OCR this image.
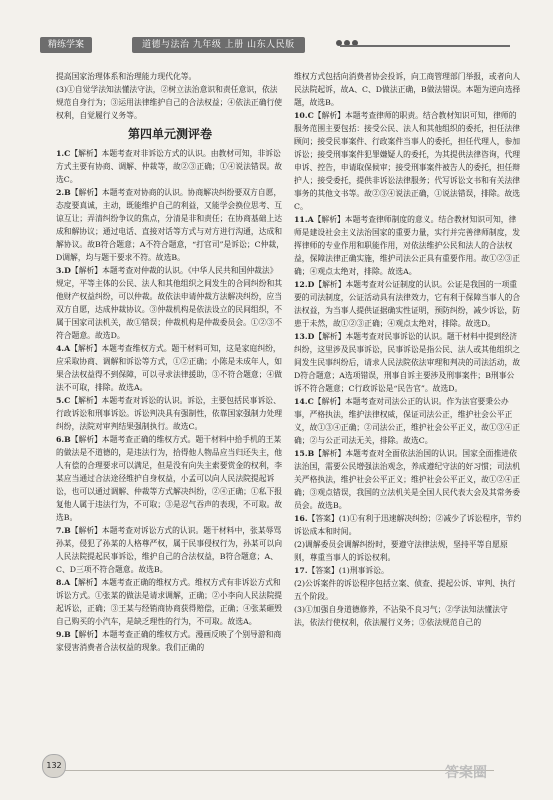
精练学案	道德与法治 九年级 上册 山东人民版

提高国家治理体系和治理能力现代化等。

(3)①自觉学法知法懂法守法，②树立法治意识和责任意识，依法规范自身行为；③运用法律维护自己的合法权益；④依法正确行使权利，自觉履行义务等。

第四单元测评卷

1.C【解析】本题考查对非诉讼方式的认识。由教材可知，非诉讼方式主要有协商、调解、仲裁等，故②③正确；①④说法错误。故选C。

2.B【解析】本题考查对协商的认识。协商解决纠纷要双方自愿，态度要真诚，主动，既能维护自己的利益，又能学会换位思考、互谅互让；弄清纠纷争议的焦点，分清是非和责任；在协商基础上达成和解协议；通过电话、直接对话等方式与对方进行沟通，达成和解协议。故B符合题意；A不符合题意，“打官司”是诉讼；C仲裁，D调解，均与题干要求不符。故选B。

3.D【解析】本题考查对仲裁的认识。《中华人民共和国仲裁法》规定，平等主体的公民、法人和其他组织之间发生的合同纠纷和其他财产权益纠纷，可以仲裁。故依法申请仲裁方法解决纠纷，应当双方自愿，达成仲裁协议。③仲裁机构是依法设立的民间组织，不属于国家司法机关，故①错误；仲裁机构是仲裁委员会。①②③不符合题意。故选D。

4.A【解析】本题考查维权方式。题干材料可知，这是家庭纠纷，应采取协商、调解和诉讼等方式，①②正确；小陈是未成年人，如果合法权益得不到保障，可以寻求法律援助，③不符合题意；④做法不可取，排除。故选A。

5.C【解析】本题考查对诉讼的认识。诉讼，主要包括民事诉讼、行政诉讼和刑事诉讼。诉讼判决具有强制性，依靠国家强制力处理纠纷，法院对审判结果强制执行。故选C。

6.B【解析】本题考查正确的维权方式。题干材料中拾手机的王某的做法是不道德的，是违法行为，拾得他人物品应当归还失主，他人有偿的合理要求可以满足，但是没有向失主索要赏金的权利，李某应当通过合法途径维护自身权益，小孟可以向人民法院提起诉讼，也可以通过调解、仲裁等方式解决纠纷，②④正确；①私下报复他人属于违法行为，不可取；③是忍气吞声的表现，不可取。故选B。

7.B【解析】本题考查对诉讼方式的认识。题干材料中，张某辱骂孙某，侵犯了孙某的人格尊严权，属于民事侵权行为，孙某可以向人民法院提起民事诉讼，维护自己的合法权益，B符合题意；A、C、D三项不符合题意。故选B。

8.A【解析】本题考查正确的维权方式。维权方式有非诉讼方式和诉讼方式。①张某的做法是请求调解，正确；②小李向人民法院提起诉讼，正确；③王某与经销商协商获得赔偿，正确；④张某砸毁自己购买的小汽车，是缺乏理性的行为，不可取。故选A。

9.B【解析】本题考查正确的维权方式。漫画反映了个别导游和商家侵害消费者合法权益的现象。我们正确的

维权方式包括向消费者协会投诉，向工商管理部门举报，或者向人民法院起诉，故A、C、D做法正确，B做法错误。本题为逆向选择题，故选B。

10.C【解析】本题考查律师的职责。结合教材知识可知，律师的服务范围主要包括：接受公民、法人和其他组织的委托，担任法律顾问；接受民事案件、行政案件当事人的委托，担任代理人，参加诉讼；接受刑事案件犯罪嫌疑人的委托，为其提供法律咨询，代理申诉、控告，申请取保候审；接受刑事案件被告人的委托，担任辩护人；接受委托，提供非诉讼法律服务；代写诉讼文书和有关法律事务的其他文书等。故②③④说法正确，①说法错误，排除。故选C。

11.A【解析】本题考查律师制度的意义。结合教材知识可知，律师是建设社会主义法治国家的重要力量，实行并完善律师制度，发挥律师的专业作用和职能作用，对依法维护公民和法人的合法权益，保障法律正确实施，维护司法公正具有重要作用。故①②③正确；④观点太绝对，排除。故选A。

12.D【解析】本题考查对公证制度的认识。公证是我国的一项重要的司法制度，公证活动具有法律效力，它有利于保障当事人的合法权益，为当事人提供证据确实性证明，预防纠纷，减少诉讼，防患于未然，故①②③正确；④观点太绝对，排除。故选D。

13.D【解析】本题考查对民事诉讼的认识。题干材料中提到经济纠纷，这里涉及民事诉讼，民事诉讼是指公民、法人或其他组织之间发生民事纠纷后，请求人民法院依法审理和判决的司法活动，故D符合题意；A选项错误，刑事自诉主要涉及刑事案件；B刑事公诉不符合题意；C行政诉讼是“民告官”。故选D。

14.C【解析】本题考查对司法公正的认识。作为法官要秉公办事，严格执法，维护法律权威，保证司法公正，维护社会公平正义，故①③④正确；②司法公正，维护社会公平正义，故①③④正确；②与公正司法无关，排除。故选C。

15.B【解析】本题考查对全面依法治国的认识。国家全面推进依法治国，需要公民增强法治观念，养成遵纪守法的好习惯；司法机关严格执法，维护社会公平正义；维护社会公平正义，故①②④正确；③观点错误，我国的立法机关是全国人民代表大会及其常务委员会。故选B。

16.【答案】(1)①有利于迅速解决纠纷；②减少了诉讼程序，节约诉讼成本和时间。
(2)调解委员会调解纠纷时，要遵守法律法规，坚持平等自愿原则，尊重当事人的诉讼权利。

17.【答案】(1)刑事诉讼。
(2)公诉案件的诉讼程序包括立案、侦查、提起公诉、审判、执行五个阶段。
(3)①加强自身道德修养，不沾染不良习气；②学法知法懂法守法，依法行使权利，依法履行义务；③依法规范自己的

132	答案圈
